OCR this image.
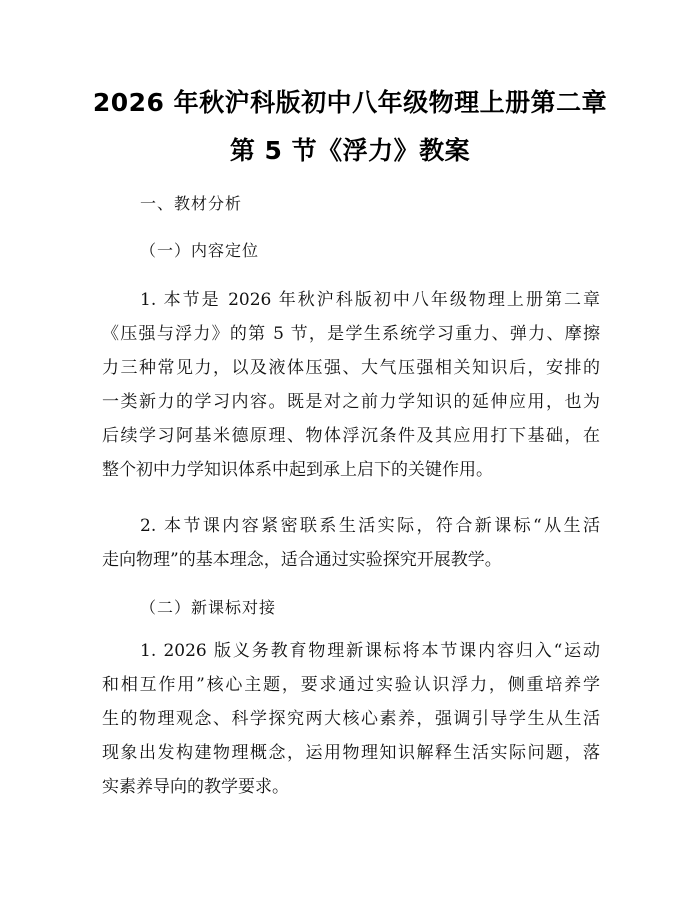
2026 年秋沪科版初中八年级物理上册第二章
第 5 节《浮力》教案
一、教材分析
（一）内容定位
1. 本节是 2026 年秋沪科版初中八年级物理上册第二章
《压强与浮力》的第 5 节，是学生系统学习重力、弹力、摩擦
力三种常见力，以及液体压强、大气压强相关知识后，安排的
一类新力的学习内容。既是对之前力学知识的延伸应用，也为
后续学习阿基米德原理、物体浮沉条件及其应用打下基础，在
整个初中力学知识体系中起到承上启下的关键作用。
2. 本节课内容紧密联系生活实际，符合新课标“从生活
走向物理”的基本理念，适合通过实验探究开展教学。
（二）新课标对接
1. 2026 版义务教育物理新课标将本节课内容归入“运动
和相互作用”核心主题，要求通过实验认识浮力，侧重培养学
生的物理观念、科学探究两大核心素养，强调引导学生从生活
现象出发构建物理概念，运用物理知识解释生活实际问题，落
实素养导向的教学要求。
